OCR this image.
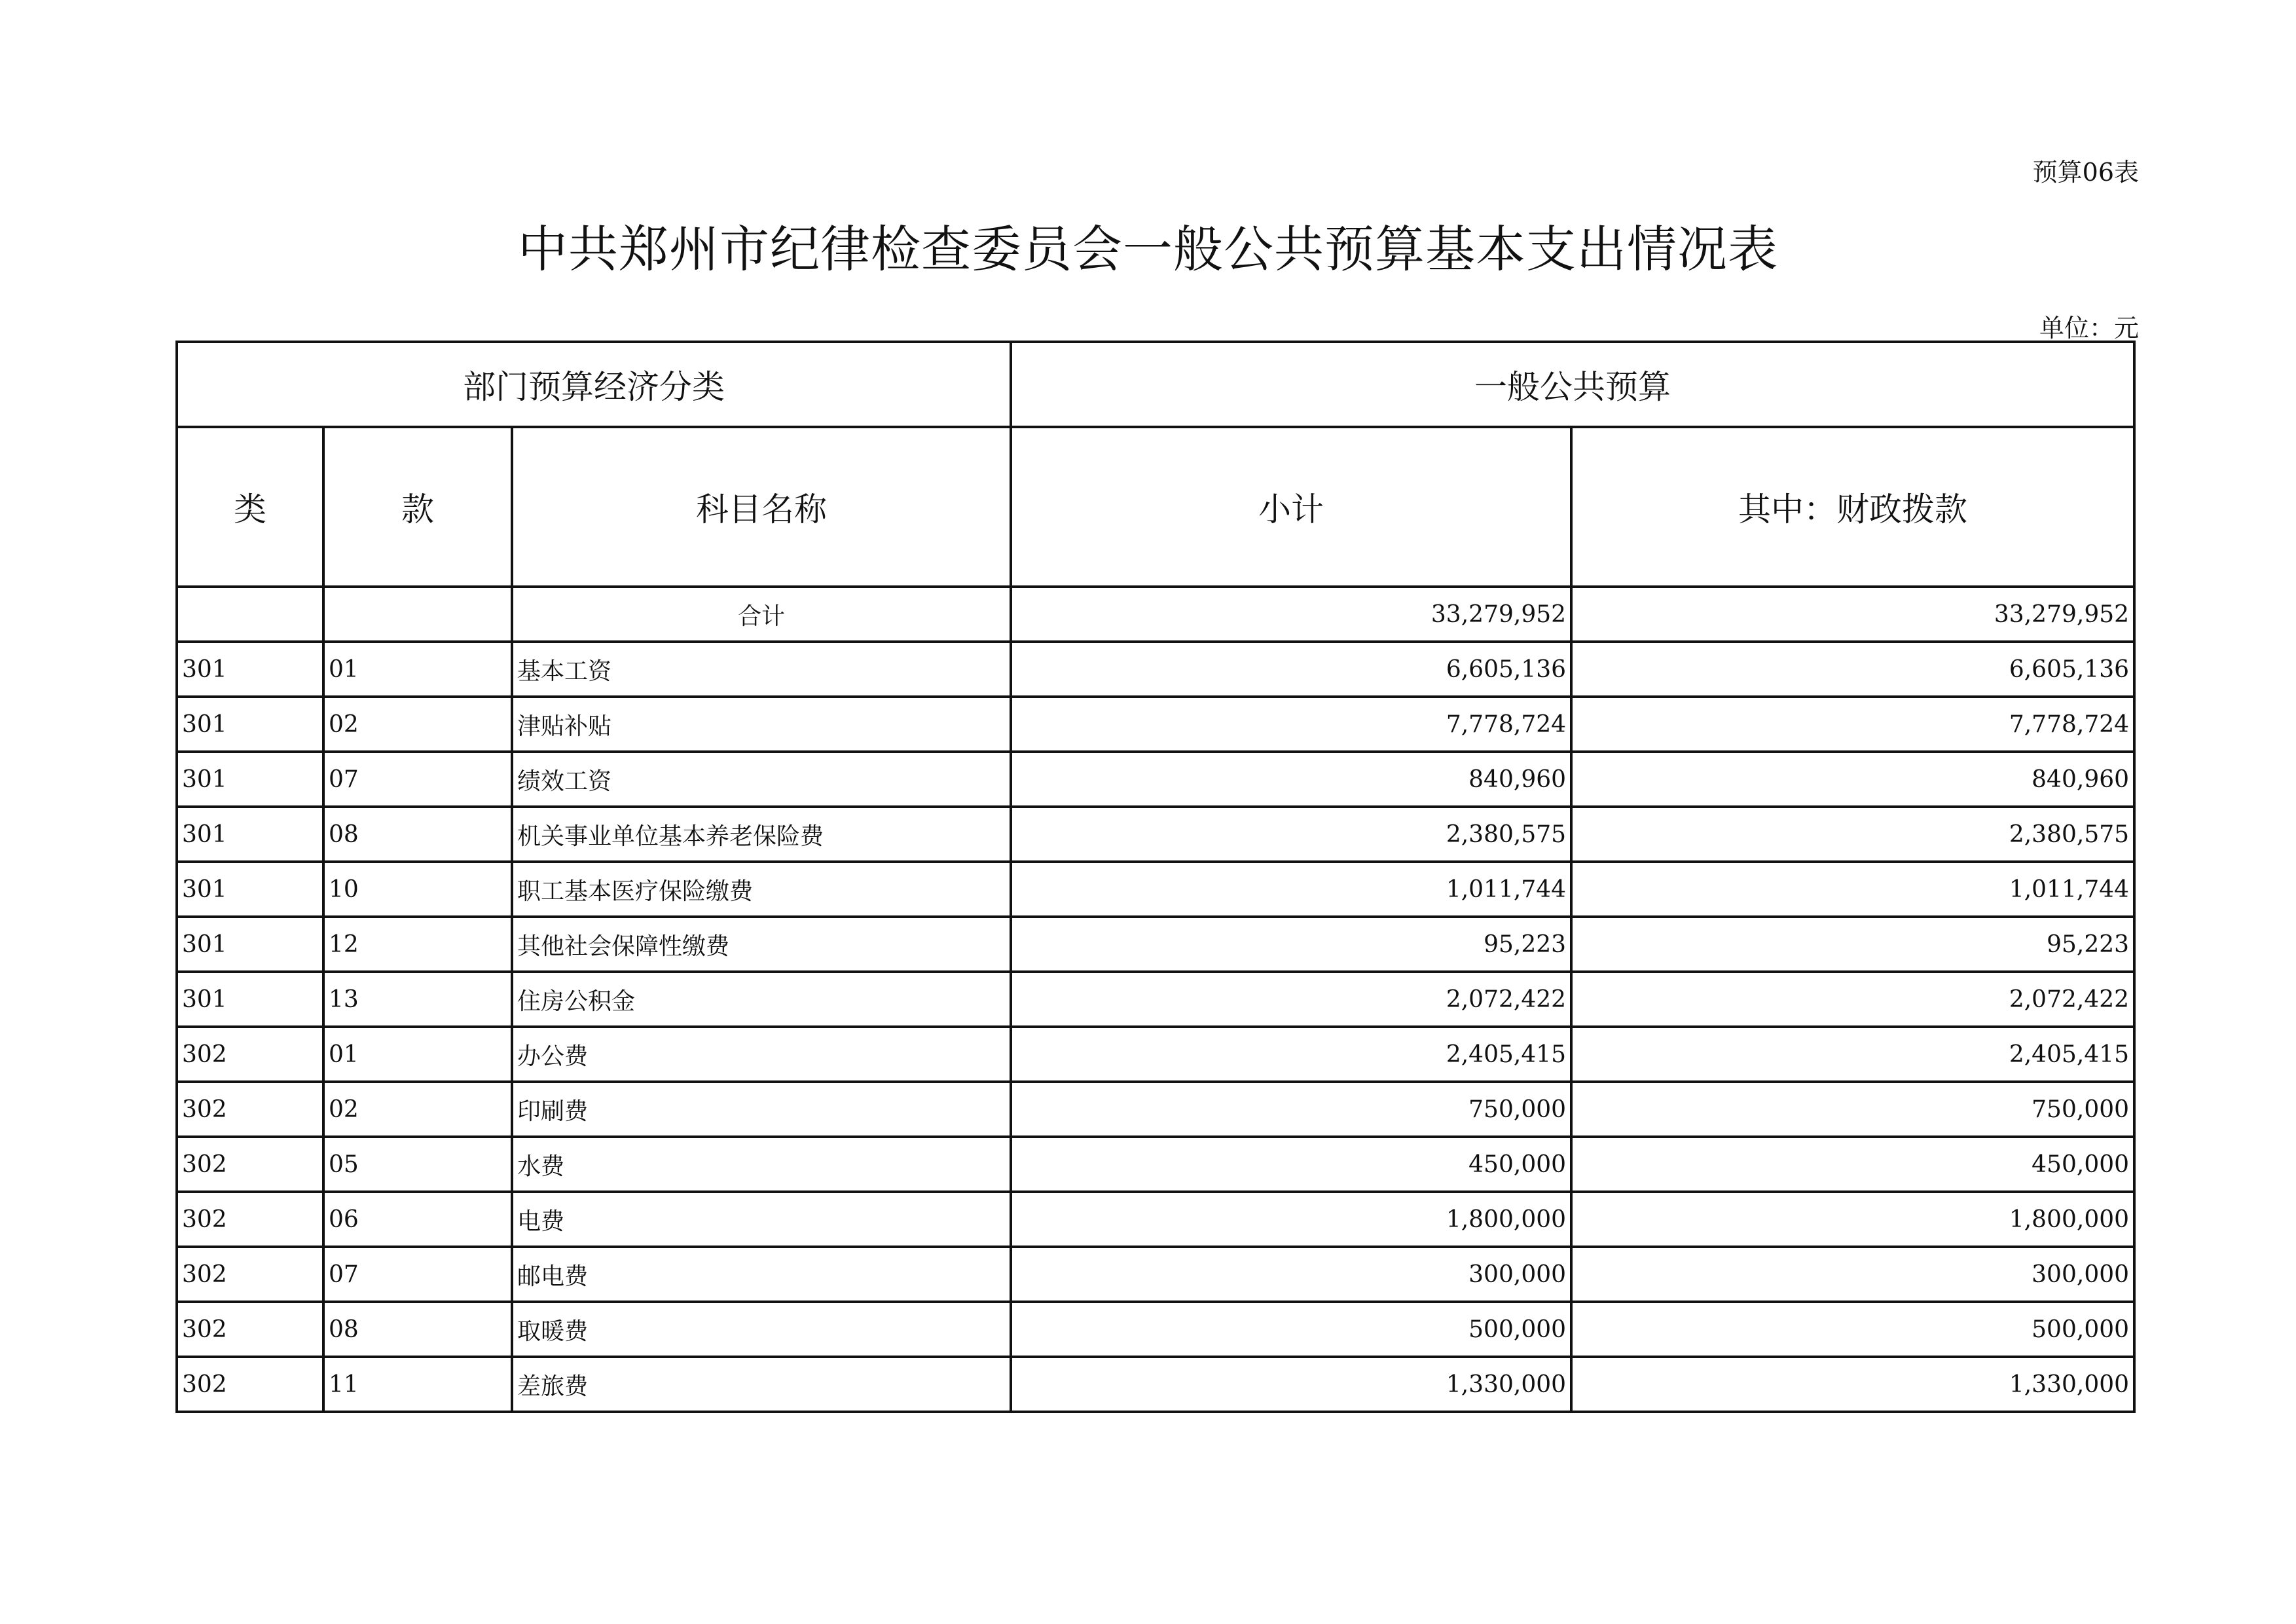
预算06表
中共郑州市纪律检查委员会一般公共预算基本支出情况表
单位：元
部门预算经济分类			一般公共预算	
类	款	科目名称	小计	其中：财政拨款
		合计	33,279,952	33,279,952
301	01	基本工资	6,605,136	6,605,136
301	02	津贴补贴	7,778,724	7,778,724
301	07	绩效工资	840,960	840,960
301	08	机关事业单位基本养老保险费	2,380,575	2,380,575
301	10	职工基本医疗保险缴费	1,011,744	1,011,744
301	12	其他社会保障性缴费	95,223	95,223
301	13	住房公积金	2,072,422	2,072,422
302	01	办公费	2,405,415	2,405,415
302	02	印刷费	750,000	750,000
302	05	水费	450,000	450,000
302	06	电费	1,800,000	1,800,000
302	07	邮电费	300,000	300,000
302	08	取暖费	500,000	500,000
302	11	差旅费	1,330,000	1,330,000
